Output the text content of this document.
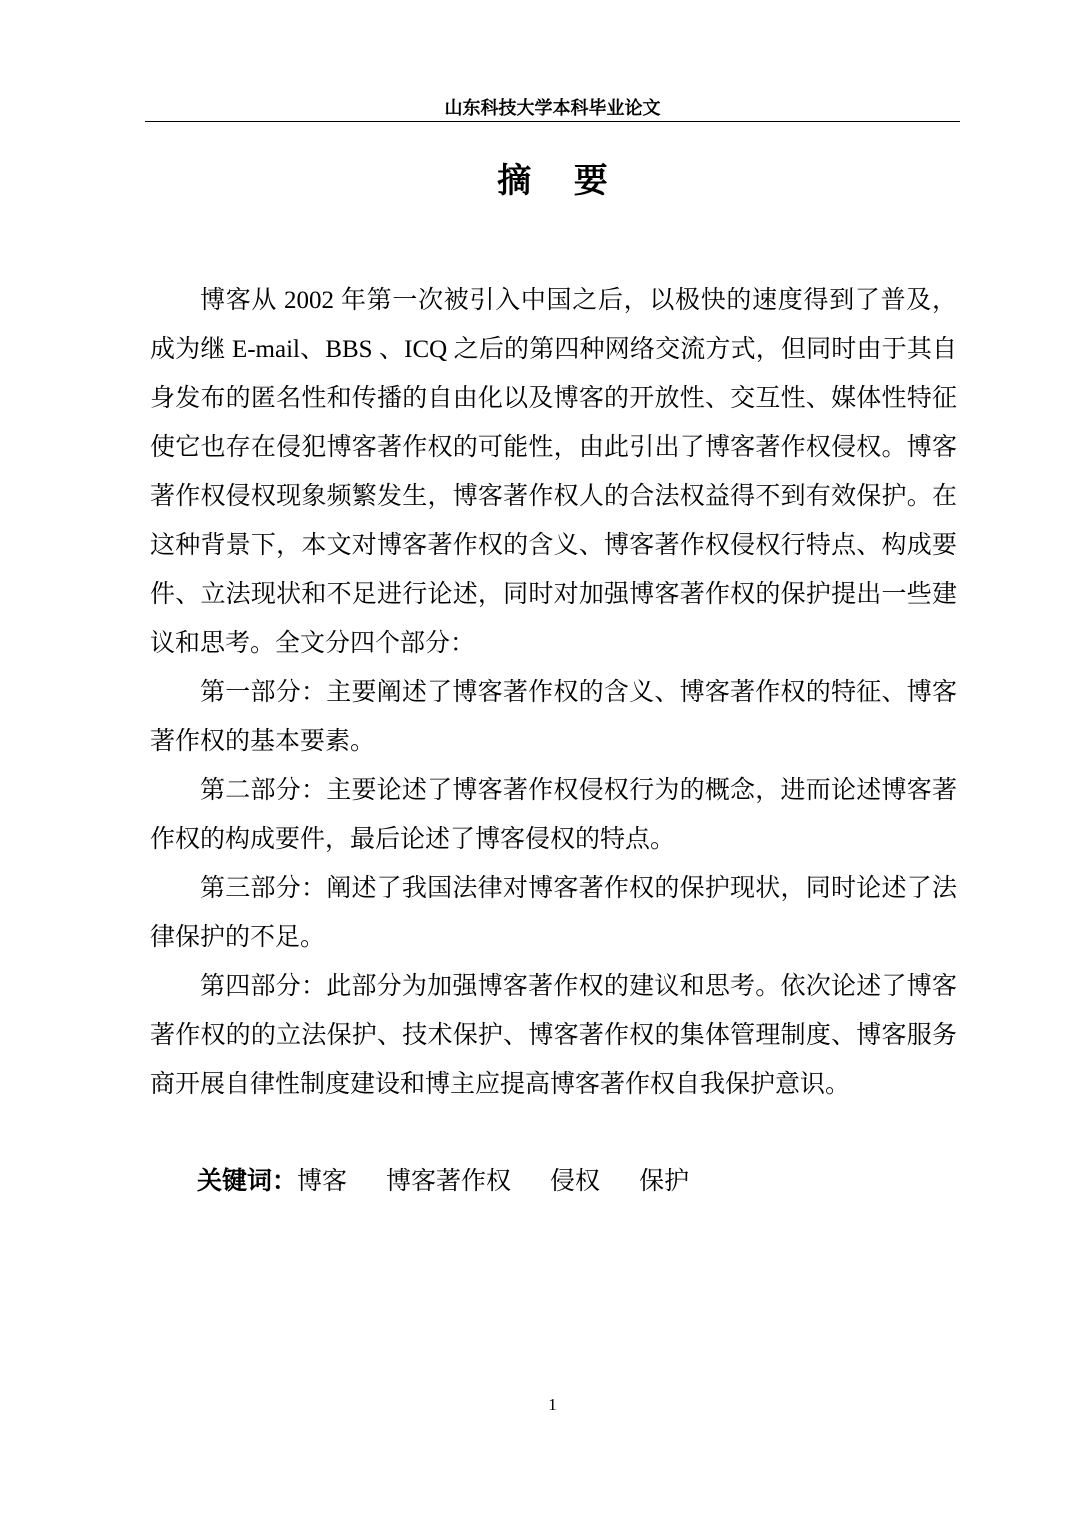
山东科技大学本科毕业论文
摘 要

博客从 2002 年第一次被引入中国之后，以极快的速度得到了普及，成为继 E-mail、BBS 、ICQ 之后的第四种网络交流方式，但同时由于其自身发布的匿名性和传播的自由化以及博客的开放性、交互性、媒体性特征使它也存在侵犯博客著作权的可能性，由此引出了博客著作权侵权。博客著作权侵权现象频繁发生，博客著作权人的合法权益得不到有效保护。在这种背景下，本文对博客著作权的含义、博客著作权侵权行特点、构成要件、立法现状和不足进行论述，同时对加强博客著作权的保护提出一些建议和思考。全文分四个部分：

第一部分：主要阐述了博客著作权的含义、博客著作权的特征、博客著作权的基本要素。

第二部分：主要论述了博客著作权侵权行为的概念，进而论述博客著作权的构成要件，最后论述了博客侵权的特点。

第三部分：阐述了我国法律对博客著作权的保护现状，同时论述了法律保护的不足。

第四部分：此部分为加强博客著作权的建议和思考。依次论述了博客著作权的的立法保护、技术保护、博客著作权的集体管理制度、博客服务商开展自律性制度建设和博主应提高博客著作权自我保护意识。

关键词：博客 博客著作权 侵权 保护
1
